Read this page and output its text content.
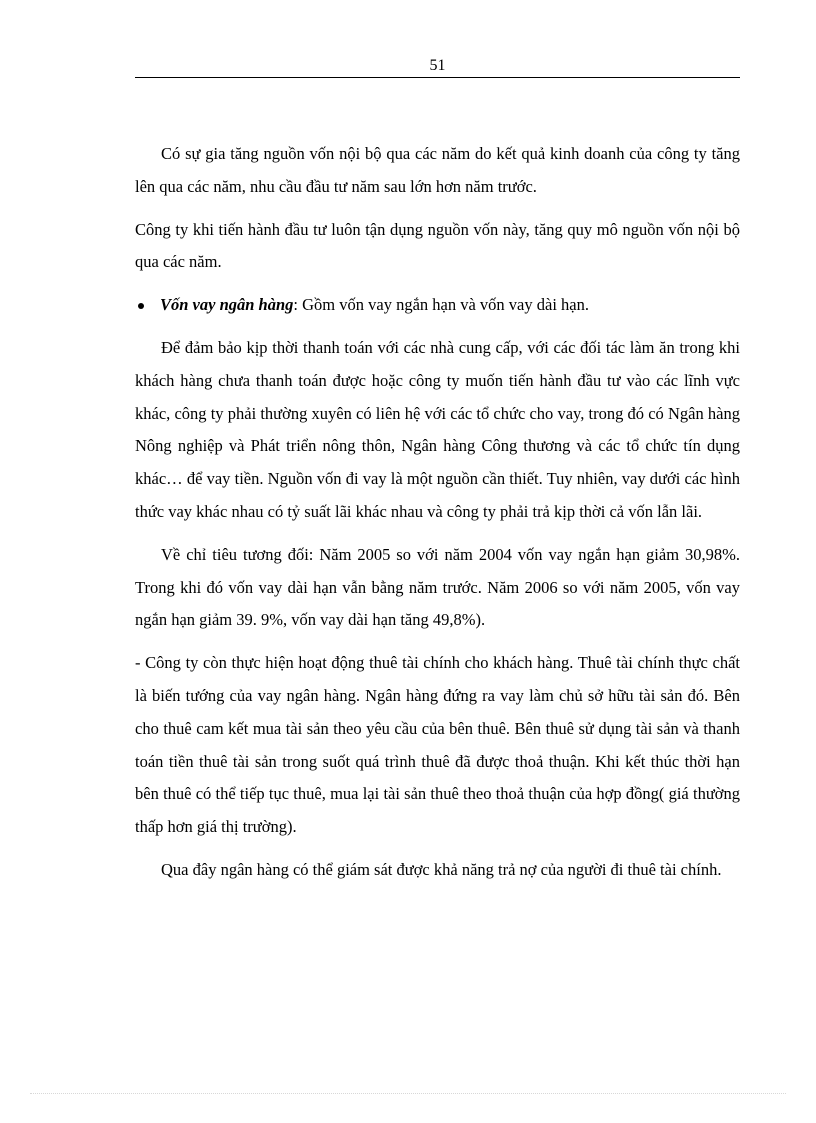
51

Có sự gia tăng nguồn vốn nội bộ qua các năm do kết quả kinh doanh của công ty tăng lên qua các năm, nhu cầu đầu tư năm sau lớn hơn năm trước.

Công ty khi tiến hành đầu tư luôn tận dụng nguồn vốn này, tăng quy mô nguồn vốn nội bộ qua các năm.

Vốn vay ngân hàng: Gồm vốn vay ngắn hạn và vốn vay dài hạn.

Để đảm bảo kịp thời thanh toán với các nhà cung cấp, với các đối tác làm ăn trong khi khách hàng chưa thanh toán được hoặc công ty muốn tiến hành đầu tư vào các lĩnh vực khác, công ty phải thường xuyên có liên hệ với các tổ chức cho vay, trong đó có Ngân hàng Nông nghiệp và Phát triển nông thôn, Ngân hàng Công thương và các tổ chức tín dụng khác… để vay tiền. Nguồn vốn đi vay là một nguồn cần thiết. Tuy nhiên, vay dưới các hình thức vay khác nhau có tỷ suất lãi khác nhau và công ty phải trả kịp thời cả vốn lẫn lãi.

Về chỉ tiêu tương đối: Năm 2005 so với năm 2004 vốn vay ngắn hạn giảm 30,98%. Trong khi đó vốn vay dài hạn vẫn bằng năm trước. Năm 2006 so với năm 2005, vốn vay ngắn hạn giảm 39. 9%, vốn vay dài hạn tăng 49,8%).

- Công ty còn thực hiện hoạt động thuê tài chính cho khách hàng. Thuê tài chính thực chất là biến tướng của vay ngân hàng. Ngân hàng đứng ra vay làm chủ sở hữu tài sản đó. Bên cho thuê cam kết mua tài sản theo yêu cầu của bên thuê. Bên thuê sử dụng tài sản và thanh toán tiền thuê tài sản trong suốt quá trình thuê đã được thoả thuận. Khi kết thúc thời hạn bên thuê có thể tiếp tục thuê, mua lại tài sản thuê theo thoả thuận của hợp đồng( giá thường thấp hơn giá thị trường).

Qua đây ngân hàng có thể giám sát được khả năng trả nợ của người đi thuê tài chính.
